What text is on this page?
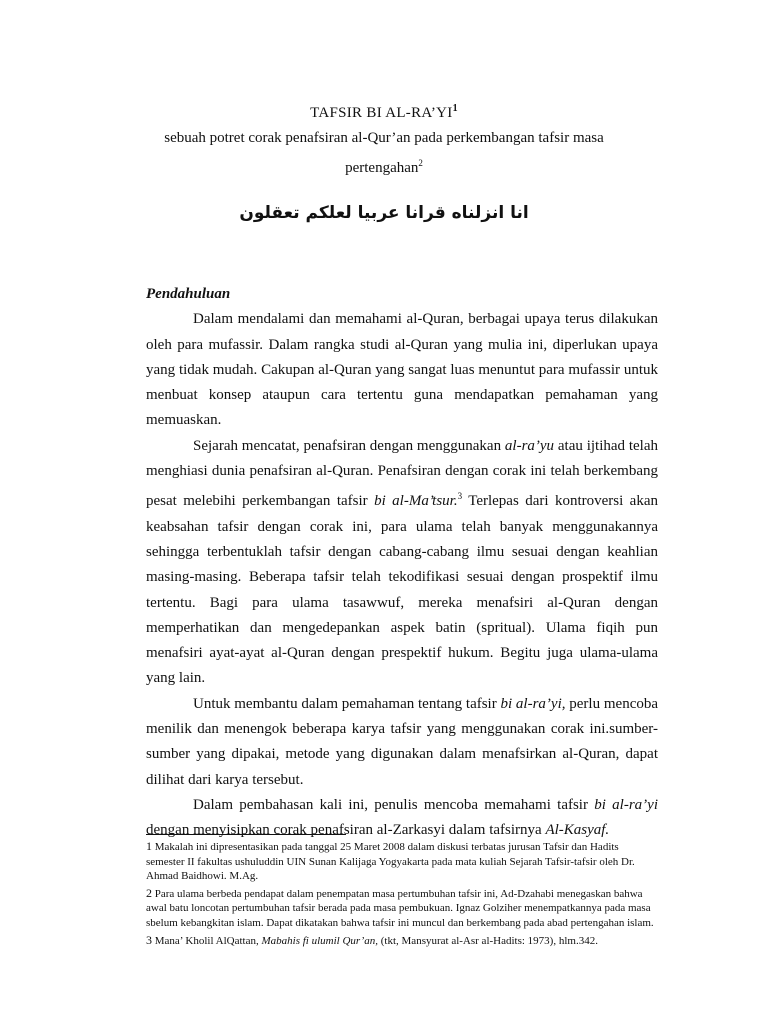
TAFSIR BI $AL-RA’YI^1$
sebuah potret corak penafsiran al-Qur’an pada perkembangan tafsir masa pertengahan$^2$
انا انزلناه قرانا عربيا لعلكم تعقلون

Pendahuluan

Dalam mendalami dan memahami al-Quran, berbagai upaya terus dilakukan oleh para mufassir. Dalam rangka studi al-Quran yang mulia ini, diperlukan upaya yang tidak mudah. Cakupan al-Quran yang sangat luas menuntut para mufassir untuk menbuat konsep ataupun cara tertentu guna mendapatkan pemahaman yang memuaskan.

Sejarah mencatat, penafsiran dengan menggunakan al-ra’yu atau ijtihad telah menghiasi dunia penafsiran al-Quran. Penafsiran dengan corak ini telah berkembang pesat melebihi perkembangan tafsir bi al-Ma’tsur.$^3$ Terlepas dari kontroversi akan keabsahan tafsir dengan corak ini, para ulama telah banyak menggunakannya sehingga terbentuklah tafsir dengan cabang-cabang ilmu sesuai dengan keahlian masing-masing. Beberapa tafsir telah tekodifikasi sesuai dengan prospektif ilmu tertentu. Bagi para ulama tasawwuf, mereka menafsiri al-Quran dengan memperhatikan dan mengedepankan aspek batin (spritual). Ulama fiqih pun menafsiri ayat-ayat al-Quran dengan prespektif hukum. Begitu juga ulama-ulama yang lain.

Untuk membantu dalam pemahaman tentang tafsir bi al-ra’yi, perlu mencoba menilik dan menengok beberapa karya tafsir yang menggunakan corak ini.sumber-sumber yang dipakai, metode yang digunakan dalam menafsirkan al-Quran, dapat dilihat dari karya tersebut.

Dalam pembahasan kali ini, penulis mencoba memahami tafsir bi al-ra’yi dengan menyisipkan corak penafsiran al-Zarkasyi dalam tafsirnya Al-Kasyaf.

1 Makalah ini dipresentasikan pada tanggal 25 Maret 2008 dalam diskusi terbatas jurusan Tafsir dan Hadits semester II fakultas ushuluddin UIN Sunan Kalijaga Yogyakarta pada mata kuliah Sejarah Tafsir-tafsir oleh Dr. Ahmad Baidhowi. M.Ag.

2 Para ulama berbeda pendapat dalam penempatan masa pertumbuhan tafsir ini, Ad-Dzahabi menegaskan bahwa awal batu loncotan pertumbuhan tafsir berada pada masa pembukuan. Ignaz Golziher menempatkannya pada masa sbelum kebangkitan islam. Dapat dikatakan bahwa tafsir ini muncul dan berkembang pada abad pertengahan islam.

3 Mana’ Kholil AlQattan, Mabahis fi ulumil Qur’an, (tkt, Mansyurat al-Asr al-Hadits: 1973), hlm.342.
